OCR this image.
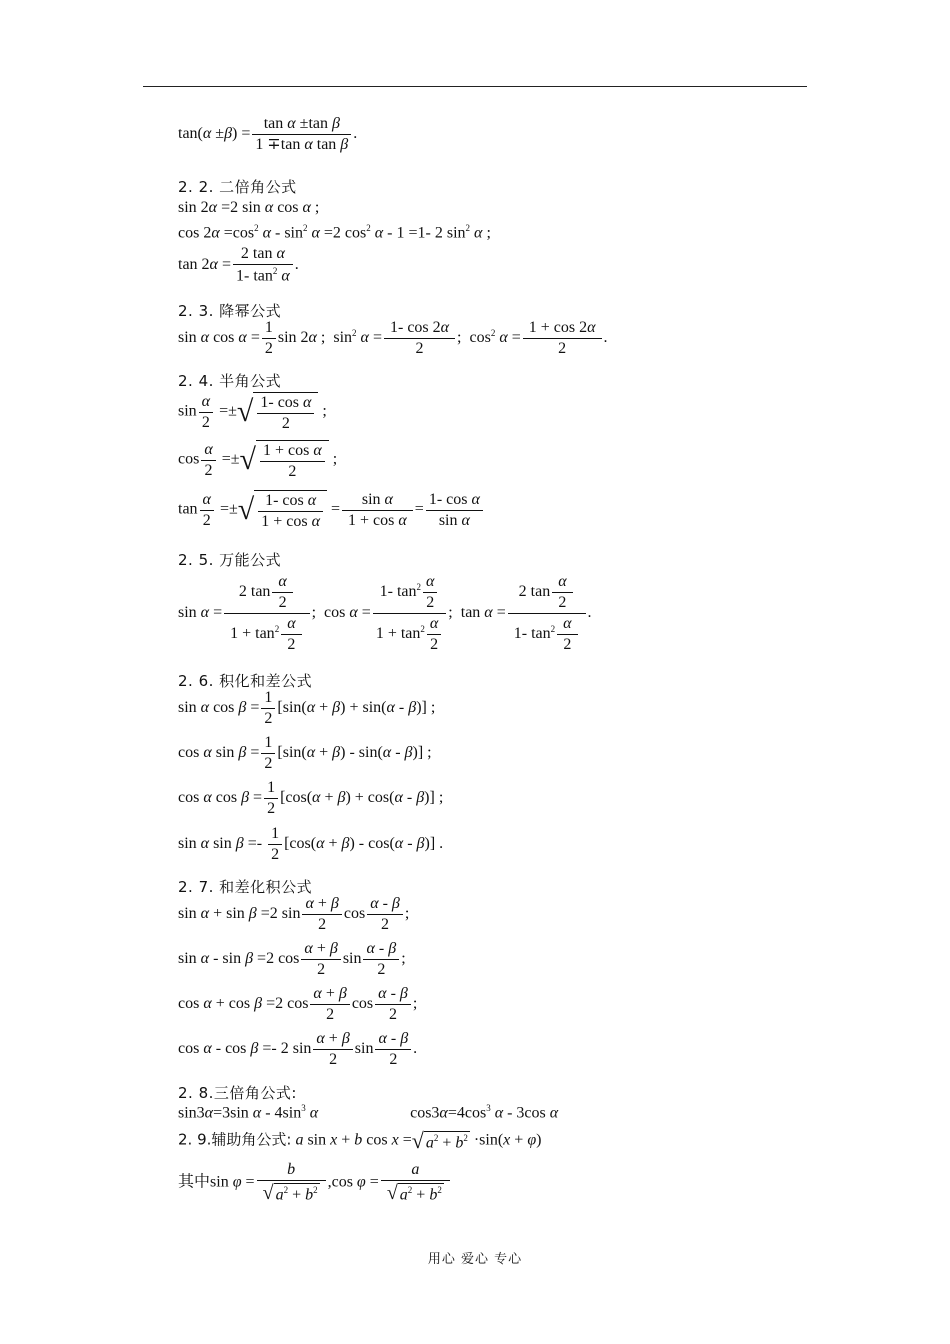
$\tan(\alpha \pm\beta) = \frac{\text{tan α ±tan β}}{\text{1 ∓tan α tan β}}$ .
2. 2. 二倍角公式
sin 2α =2 sin α cos α ;
$\cos 2\alpha =\cos^2$ $\alpha - \sin^2 \alpha =2$ $\cos^2 \alpha - 1 =1-$ 2 $\sin^2 \alpha$ ;
$\tan 2\alpha = \frac{\text{2 tan α}}{1- \tan^2 \alpha}$ .
2. 3. 降幂公式
sin α $\cos \alpha = \frac{1}{2}$ sin 2α ;  $\sin^2 \alpha = \frac{1- \cos 2\alpha}{2}$ ;  $\cos^2 \alpha = \frac{1 + \cos 2\alpha}{2}$ .
2. 4. 半角公式
$\sin \frac{\alpha}{2}$ =±√ $\frac{\text{1- cos α}}{2}$ ;
$\cos \frac{\alpha}{2}$ =±√ $\frac{\text{1 + cos α}}{2}$ ;
$\tan \frac{\alpha}{2}$ =±√ $\frac{\text{1- cos α}}{\text{1 + cos α}} = \frac{\text{sin α}}{\text{1 + cos α}} = \frac{\text{1- cos α}}{\text{sin α}}$
2. 5. 万能公式
$\sin \alpha = \frac{2 \tan \frac{\alpha}{2}}{1 + \tan^2 \frac{\alpha}{2}}$ ;  $\cos \alpha = \frac{1- \tan^2 \frac{\alpha}{2}}{1 + \tan^2 \frac{\alpha}{2}}$ ;  $\tan \alpha = \frac{2 \tan \frac{\alpha}{2}}{1- \tan^2 \frac{\alpha}{2}}$ .
2. 6. 积化和差公式
sin α $\cos \beta = \frac{1}{2} [\sin(\alpha + \beta) + \sin(\alpha - \beta)]$ ;
cos α $\sin \beta = \frac{1}{2} [\sin(\alpha + \beta) - \sin(\alpha - \beta)]$ ;
cos α $\cos \beta = \frac{1}{2} [\cos(\alpha + \beta) + \cos(\alpha - \beta)]$ ;
sin α $\sin \beta =- \frac{1}{2} [\cos(\alpha + \beta) - \cos(\alpha - \beta)]$ .
2. 7. 和差化积公式
sin α + sin β =2 $\sin \frac{\alpha + \beta}{2}$ $\cos \frac{\alpha - \beta}{2}$ ;
sin α - sin β =2 $\cos \frac{\alpha + \beta}{2}$ $\sin \frac{\alpha - \beta}{2}$ ;
cos α + cos β =2 $\cos \frac{\alpha + \beta}{2}$ $\cos \frac{\alpha - \beta}{2}$ ;
cos α - cos β =- 2 $\sin \frac{\alpha + \beta}{2}$ $\sin \frac{\alpha - \beta}{2}$ .
2. 8.三倍角公式:
sin3α=3sin α - $4\sin^3$ α	$\cos 3\alpha=4\cos^3$ α - 3cos α
2. 9.辅助角公式: a sin x + b cos x =√ $a^2 + b^2 \cdot\sin(x + \varphi)$
其中$\sin \varphi = \frac{b}{√ a^2 + b^2} ,\cos$ $\varphi = \frac{a}{√ a^2 + b^2}$
用心 爱心 专心
